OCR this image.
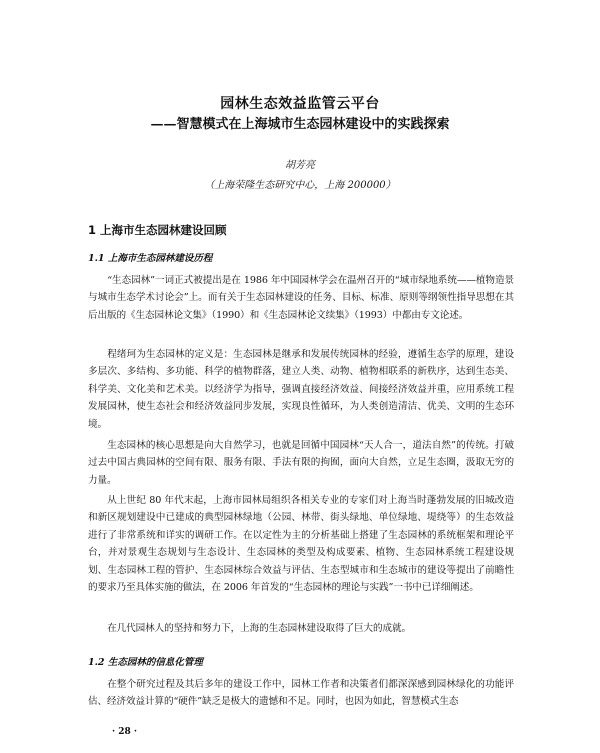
园林生态效益监管云平台
——智慧模式在上海城市生态园林建设中的实践探索
胡芳亮
（上海荣隆生态研究中心，上海 200000）
1 上海市生态园林建设回顾
1.1 上海市生态园林建设历程

“生态园林”一词正式被提出是在 1986 年中国园林学会在温州召开的“城市绿地系统——植物造景与城市生态学术讨论会”上。而有关于生态园林建设的任务、目标、标准、原则等纲领性指导思想在其后出版的《生态园林论文集》（1990）和《生态园林论文续集》（1993）中都由专文论述。

程绪珂为生态园林的定义是：生态园林是继承和发展传统园林的经验，遵循生态学的原理，建设多层次、多结构、多功能、科学的植物群落，建立人类、动物、植物相联系的新秩序，达到生态美、科学美、文化美和艺术美。以经济学为指导，强调直接经济效益、间接经济效益并重，应用系统工程发展园林，使生态社会和经济效益同步发展，实现良性循环，为人类创造清洁、优美、文明的生态环境。

生态园林的核心思想是向大自然学习，也就是回循中国园林“天人合一，道法自然”的传统。打破过去中国古典园林的空间有限、服务有限、手法有限的拘囿，面向大自然，立足生态圈，汲取无穷的力量。

从上世纪 80 年代末起，上海市园林局组织各相关专业的专家们对上海当时蓬勃发展的旧城改造和新区规划建设中已建成的典型园林绿地（公园、林带、街头绿地、单位绿地、堤绕等）的生态效益进行了非常系统和详实的调研工作。在以定性为主的分析基础上搭建了生态园林的系统框架和理论平台，并对景观生态规划与生态设计、生态园林的类型及构成要素、植物、生态园林系统工程建设规划、生态园林工程的管护、生态园林综合效益与评估、生态型城市和生态城市的建设等提出了前瞻性的要求乃至具体实施的做法，在 2006 年首发的“生态园林的理论与实践”一书中已详细阐述。

在几代园林人的坚持和努力下，上海的生态园林建设取得了巨大的成就。

1.2 生态园林的信息化管理

在整个研究过程及其后多年的建设工作中，园林工作者和决策者们都深深感到园林绿化的功能评估、经济效益计算的“硬件”缺乏是极大的遗憾和不足。同时，也因为如此，智慧模式生态

· 28 ·
